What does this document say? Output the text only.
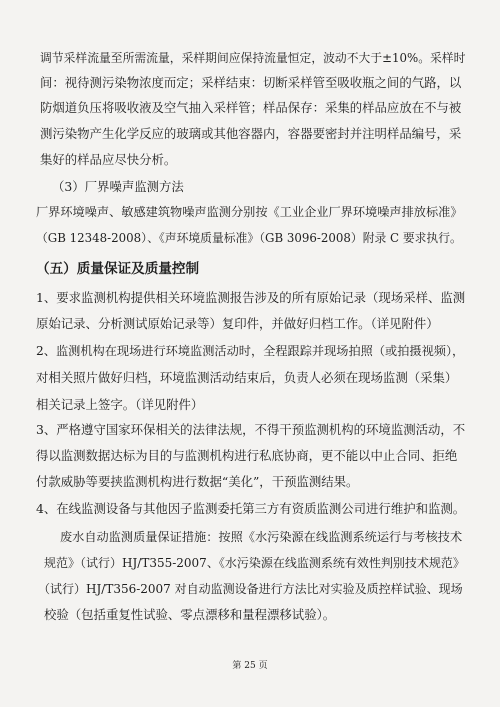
调节采样流量至所需流量，采样期间应保持流量恒定，波动不大于±10%。采样时
间：视待测污染物浓度而定；采样结束：切断采样管至吸收瓶之间的气路，以
防烟道负压将吸收液及空气抽入采样管；样品保存：采集的样品应放在不与被
测污染物产生化学反应的玻璃或其他容器内，容器要密封并注明样品编号，采
集好的样品应尽快分析。
（3）厂界噪声监测方法
厂界环境噪声、敏感建筑物噪声监测分别按《工业企业厂界环境噪声排放标准》
（GB 12348-2008）、《声环境质量标准》（GB 3096-2008）附录 C 要求执行。
（五）质量保证及质量控制
1、要求监测机构提供相关环境监测报告涉及的所有原始记录（现场采样、监测
原始记录、分析测试原始记录等）复印件，并做好归档工作。（详见附件）
2、监测机构在现场进行环境监测活动时，全程跟踪并现场拍照（或拍摄视频），
对相关照片做好归档，环境监测活动结束后，负责人必须在现场监测（采集）
相关记录上签字。（详见附件）
3、严格遵守国家环保相关的法律法规，不得干预监测机构的环境监测活动，不
得以监测数据达标为目的与监测机构进行私底协商，更不能以中止合同、拒绝
付款威胁等要挟监测机构进行数据“美化”，干预监测结果。
4、在线监测设备与其他因子监测委托第三方有资质监测公司进行维护和监测。
废水自动监测质量保证措施：按照《水污染源在线监测系统运行与考核技术
规范》（试行）HJ/T355-2007、《水污染源在线监测系统有效性判别技术规范》
（试行）HJ/T356-2007 对自动监测设备进行方法比对实验及质控样试验、现场
校验（包括重复性试验、零点漂移和量程漂移试验）。
第 25 页
